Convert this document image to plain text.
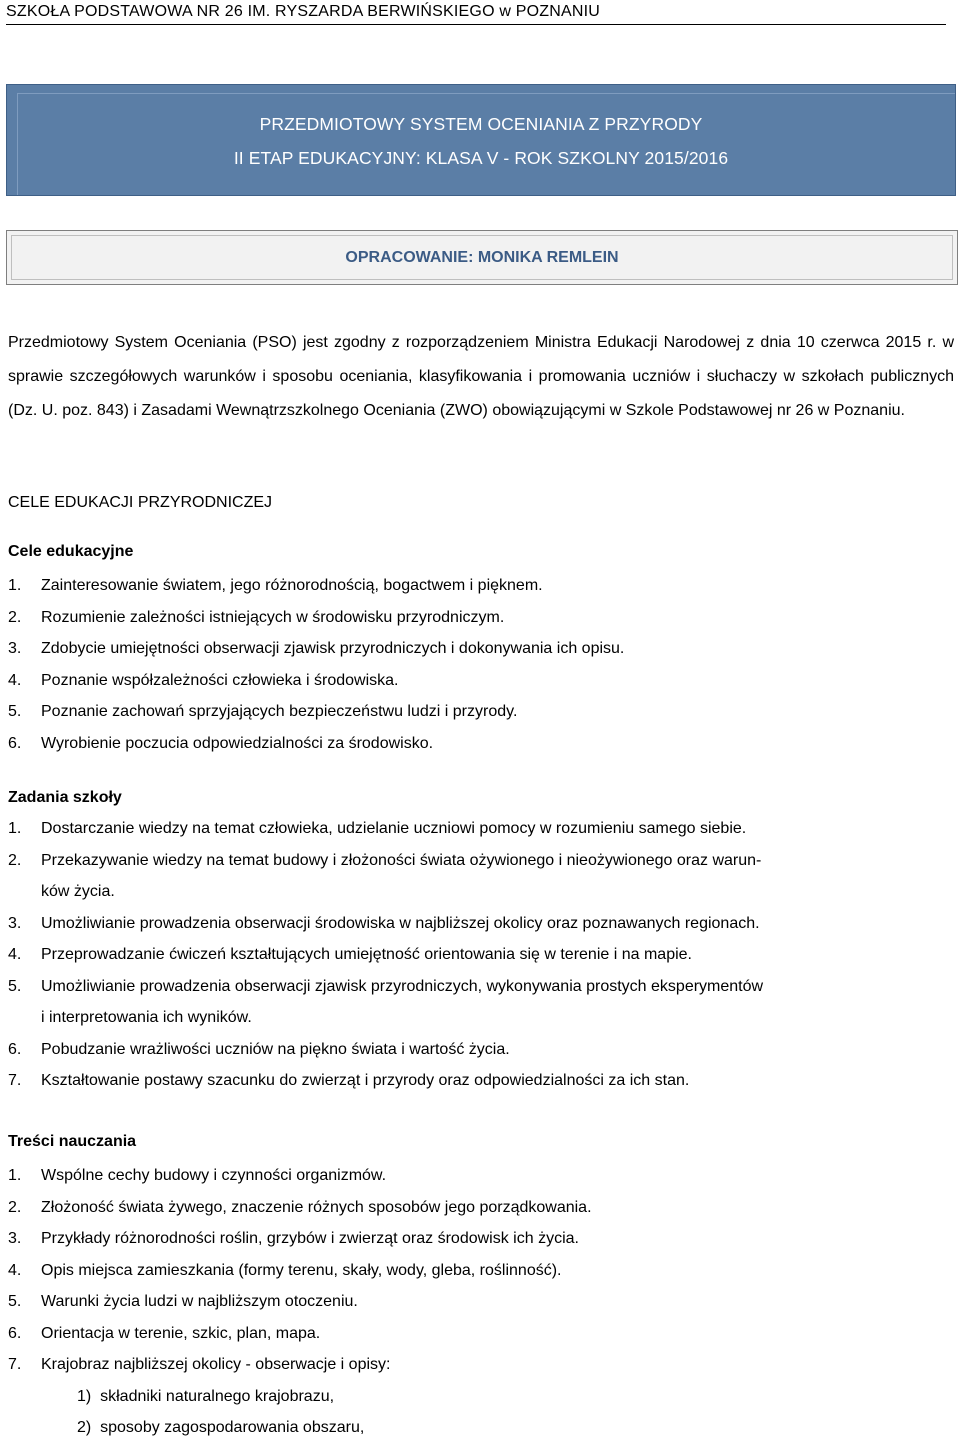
SZKOŁA PODSTAWOWA NR 26 IM. RYSZARDA BERWIŃSKIEGO w POZNANIU
PRZEDMIOTOWY SYSTEM OCENIANIA Z PRZYRODY
II ETAP EDUKACYJNY: KLASA V - ROK SZKOLNY 2015/2016
OPRACOWANIE: MONIKA REMLEIN
Przedmiotowy System Oceniania (PSO) jest zgodny z rozporządzeniem Ministra Edukacji Narodowej z dnia 10 czerwca 2015 r. w sprawie szczegółowych warunków i sposobu oceniania, klasyfikowania i promowania uczniów i słuchaczy w szkołach publicznych (Dz. U. poz. 843) i Zasadami Wewnątrzszkolnego Oceniania (ZWO) obowiązującymi w Szkole Podstawowej nr 26 w Poznaniu.
CELE EDUKACJI PRZYRODNICZEJ
Cele edukacyjne
1. Zainteresowanie światem, jego różnorodnością, bogactwem i pięknem.
2. Rozumienie zależności istniejących w środowisku przyrodniczym.
3. Zdobycie umiejętności obserwacji zjawisk przyrodniczych i dokonywania ich opisu.
4. Poznanie współzależności człowieka i środowiska.
5. Poznanie zachowań sprzyjających bezpieczeństwu ludzi i przyrody.
6. Wyrobienie poczucia odpowiedzialności za środowisko.
Zadania szkoły
1. Dostarczanie wiedzy na temat człowieka, udzielanie uczniowi pomocy w rozumieniu samego siebie.
2. Przekazywanie wiedzy na temat budowy i złożoności świata ożywionego i nieożywionego oraz warun-
ków życia.
3. Umożliwianie prowadzenia obserwacji środowiska w najbliższej okolicy oraz poznawanych regionach.
4. Przeprowadzanie ćwiczeń kształtujących umiejętność orientowania się w terenie i na mapie.
5. Umożliwianie prowadzenia obserwacji zjawisk przyrodniczych, wykonywania prostych eksperymentów
i interpretowania ich wyników.
6. Pobudzanie wrażliwości uczniów na piękno świata i wartość życia.
7. Kształtowanie postawy szacunku do zwierząt i przyrody oraz odpowiedzialności za ich stan.
Treści nauczania
1. Wspólne cechy budowy i czynności organizmów.
2. Złożoność świata żywego, znaczenie różnych sposobów jego porządkowania.
3. Przykłady różnorodności roślin, grzybów i zwierząt oraz środowisk ich życia.
4. Opis miejsca zamieszkania (formy terenu, skały, wody, gleba, roślinność).
5. Warunki życia ludzi w najbliższym otoczeniu.
6. Orientacja w terenie, szkic, plan, mapa.
7. Krajobraz najbliższej okolicy - obserwacje i opisy:
1) składniki naturalnego krajobrazu,
2) sposoby zagospodarowania obszaru,
